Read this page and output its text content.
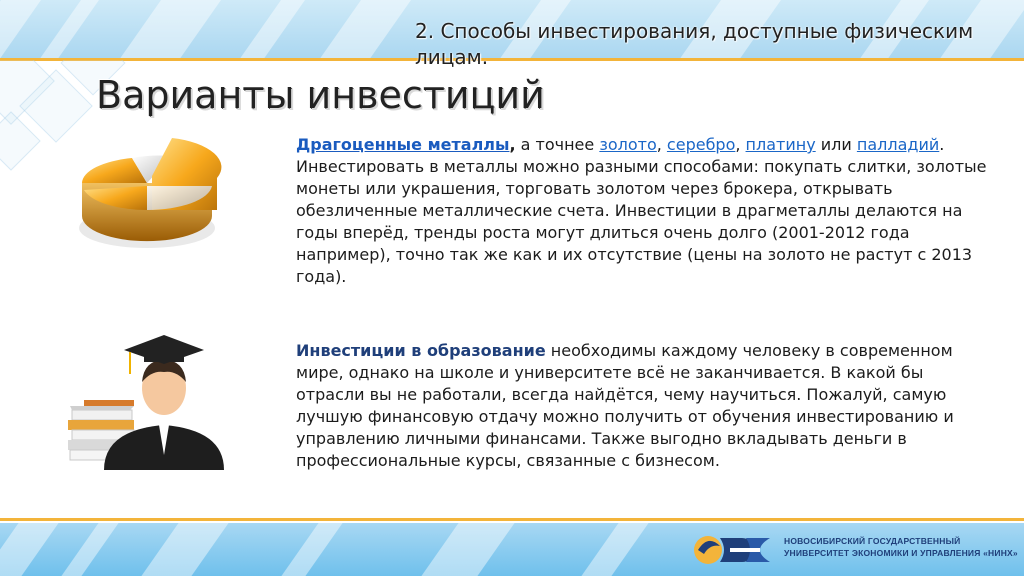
2. Способы инвестирования, доступные физическим лицам.
Варианты инвестиций

Драгоценные металлы, а точнее золото, серебро, платину или палладий. Инвестировать в металлы можно разными способами: покупать слитки, золотые монеты или украшения, торговать золотом через брокера, открывать обезличенные металлические счета. Инвестиции в драгметаллы делаются на годы вперёд, тренды роста могут длиться очень долго (2001-2012 года например), точно так же как и их отсутствие (цены на золото не растут с 2013 года).

Инвестиции в образование необходимы каждому человеку в современном мире, однако на школе и университете всё не заканчивается. В какой бы отрасли вы не работали, всегда найдётся, чему научиться. Пожалуй, самую лучшую финансовую отдачу можно получить от обучения инвестированию и управлению личными финансами. Также выгодно вкладывать деньги в профессиональные курсы, связанные с бизнесом.

НОВОСИБИРСКИЙ ГОСУДАРСТВЕННЫЙ
УНИВЕРСИТЕТ ЭКОНОМИКИ И УПРАВЛЕНИЯ «НИНХ»
